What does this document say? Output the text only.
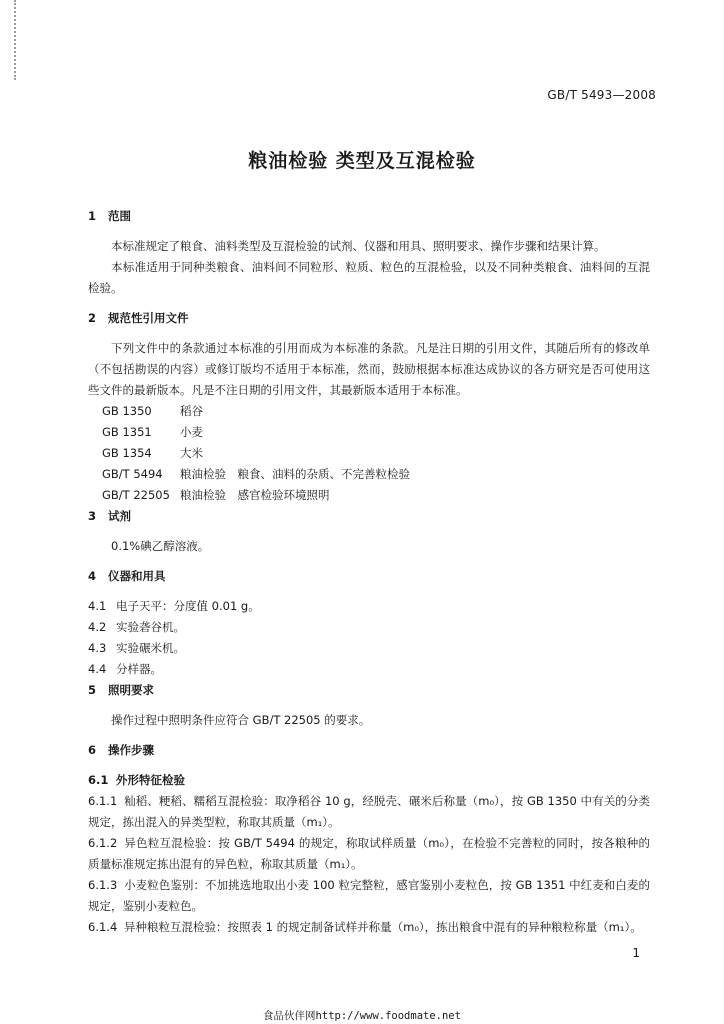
GB/T 5493—2008
粮油检验 类型及互混检验

1 范围

本标准规定了粮食、油料类型及互混检验的试剂、仪器和用具、照明要求、操作步骤和结果计算。

本标准适用于同种类粮食、油料间不同粒形、粒质、粒色的互混检验，以及不同种类粮食、油料间的互混检验。

2 规范性引用文件

下列文件中的条款通过本标准的引用而成为本标准的条款。凡是注日期的引用文件，其随后所有的修改单（不包括勘误的内容）或修订版均不适用于本标准，然而，鼓励根据本标准达成协议的各方研究是否可使用这些文件的最新版本。凡是不注日期的引用文件，其最新版本适用于本标准。

GB 1350 稻谷

GB 1351 小麦

GB 1354 大米

GB/T 5494 粮油检验　粮食、油料的杂质、不完善粒检验

GB/T 22505 粮油检验　感官检验环境照明

3 试剂

0.1%碘乙醇溶液。

4 仪器和用具

4.1 电子天平：分度值 0.01 g。

4.2 实验砻谷机。

4.3 实验碾米机。

4.4 分样器。

5 照明要求

操作过程中照明条件应符合 GB/T 22505 的要求。

6 操作步骤

6.1 外形特征检验

6.1.1 籼稻、粳稻、糯稻互混检验：取净稻谷 10 g，经脱壳、碾米后称量（m₀），按 GB 1350 中有关的分类规定，拣出混入的异类型粒，称取其质量（m₁）。

6.1.2 异色粒互混检验：按 GB/T 5494 的规定，称取试样质量（m₀），在检验不完善粒的同时，按各粮种的质量标准规定拣出混有的异色粒，称取其质量（m₁）。

6.1.3 小麦粒色鉴别：不加挑选地取出小麦 100 粒完整粒，感官鉴别小麦粒色，按 GB 1351 中红麦和白麦的规定，鉴别小麦粒色。

6.1.4 异种粮粒互混检验：按照表 1 的规定制备试样并称量（m₀），拣出粮食中混有的异种粮粒称量（m₁）。

1
食品伙伴网http://www.foodmate.net
